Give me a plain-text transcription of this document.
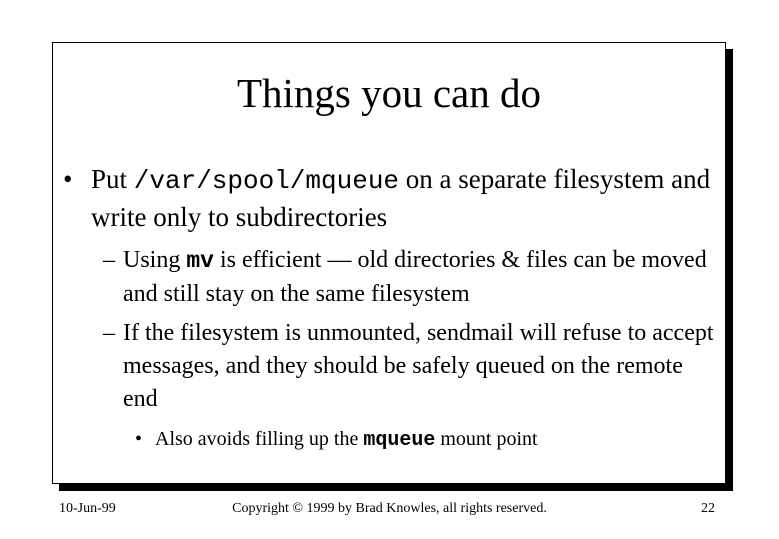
Things you can do
• Put /var/spool/mqueue on a separate filesystem and write only to subdirectories
– Using mv is efficient — old directories & files can be moved and still stay on the same filesystem
– If the filesystem is unmounted, sendmail will refuse to accept messages, and they should be safely queued on the remote end
• Also avoids filling up the mqueue mount point
10-Jun-99	Copyright © 1999 by Brad Knowles, all rights reserved.	22
